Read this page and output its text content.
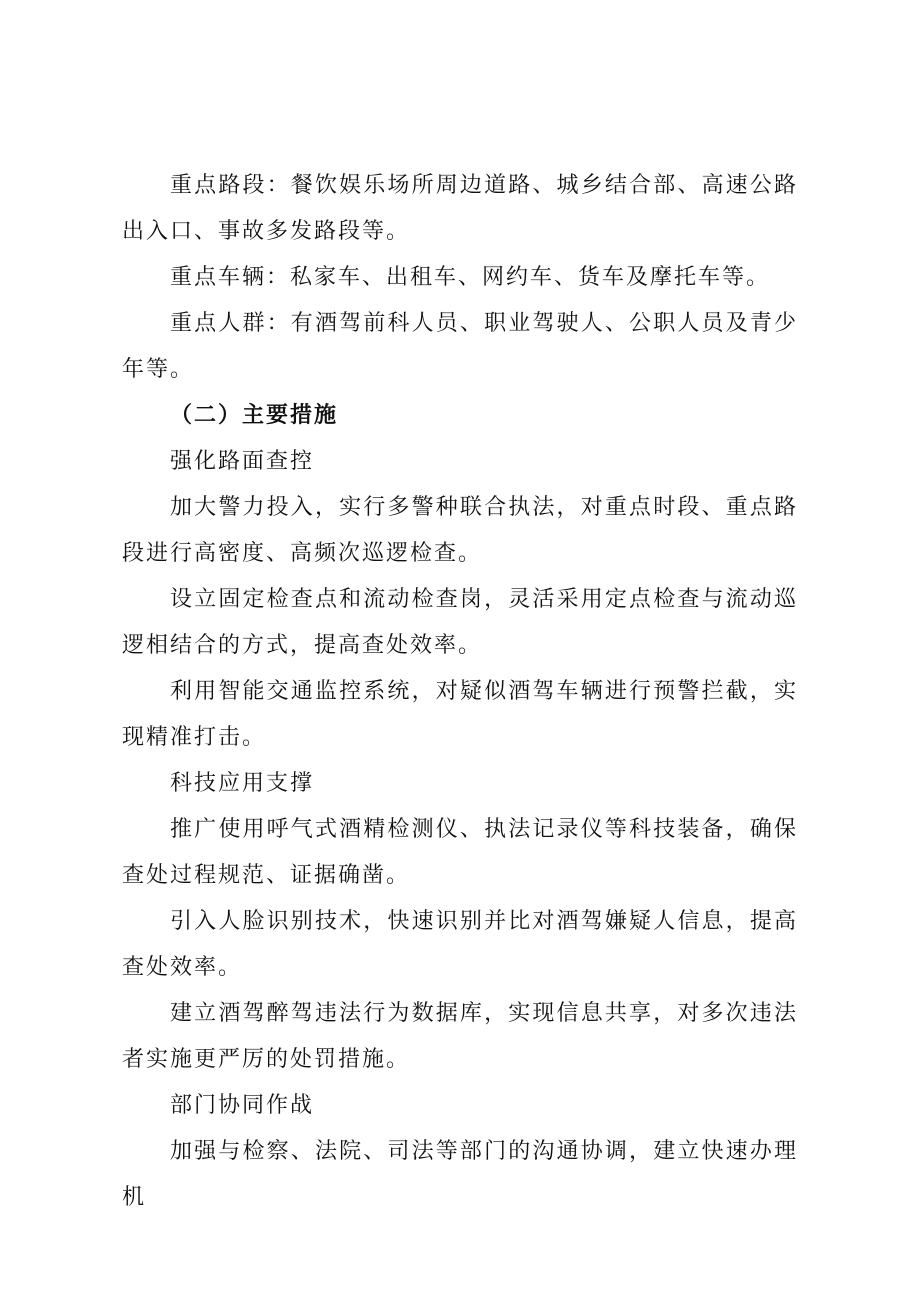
重点路段：餐饮娱乐场所周边道路、城乡结合部、高速公路出入口、事故多发路段等。

重点车辆：私家车、出租车、网约车、货车及摩托车等。

重点人群：有酒驾前科人员、职业驾驶人、公职人员及青少年等。

（二）主要措施

强化路面查控

加大警力投入，实行多警种联合执法，对重点时段、重点路段进行高密度、高频次巡逻检查。

设立固定检查点和流动检查岗，灵活采用定点检查与流动巡逻相结合的方式，提高查处效率。

利用智能交通监控系统，对疑似酒驾车辆进行预警拦截，实现精准打击。

科技应用支撑

推广使用呼气式酒精检测仪、执法记录仪等科技装备，确保查处过程规范、证据确凿。

引入人脸识别技术，快速识别并比对酒驾嫌疑人信息，提高查处效率。

建立酒驾醉驾违法行为数据库，实现信息共享，对多次违法者实施更严厉的处罚措施。

部门协同作战

加强与检察、法院、司法等部门的沟通协调，建立快速办理机
